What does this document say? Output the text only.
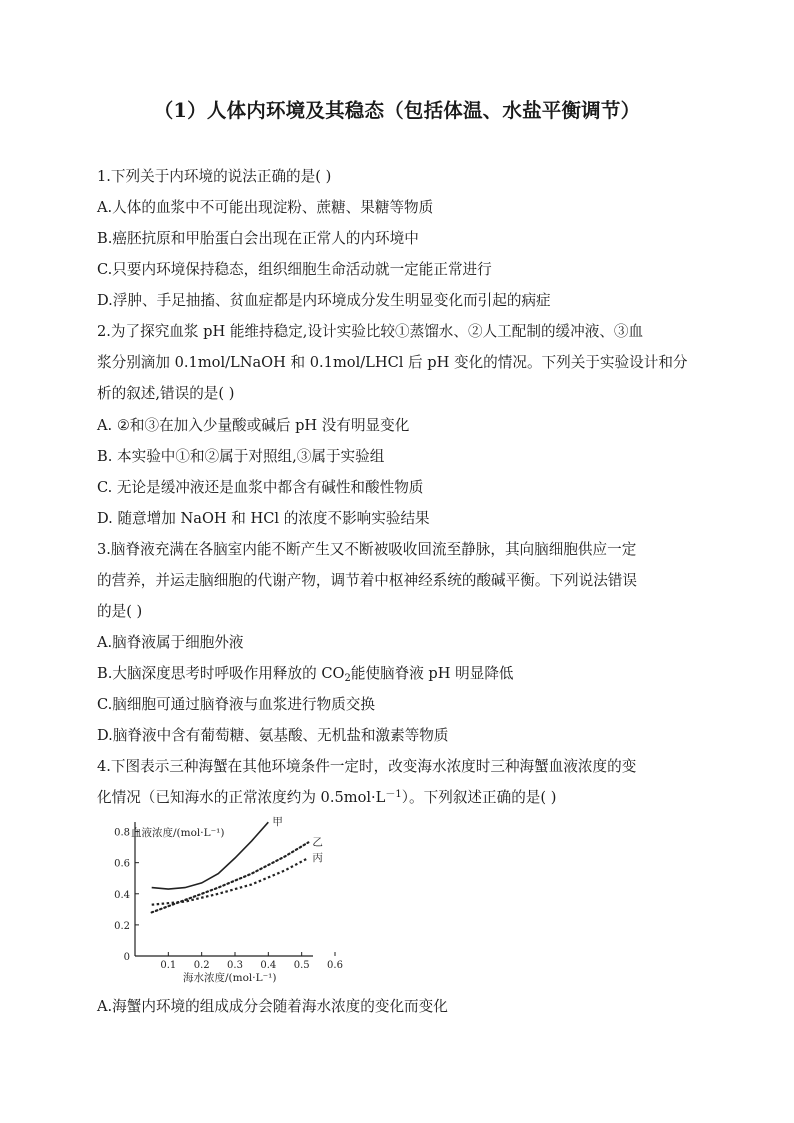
（1）人体内环境及其稳态（包括体温、水盐平衡调节）
1.下列关于内环境的说法正确的是( )
A.人体的血浆中不可能出现淀粉、蔗糖、果糖等物质
B.癌胚抗原和甲胎蛋白会出现在正常人的内环境中
C.只要内环境保持稳态，组织细胞生命活动就一定能正常进行
D.浮肿、手足抽搐、贫血症都是内环境成分发生明显变化而引起的病症
2.为了探究血浆 pH 能维持稳定,设计实验比较①蒸馏水、②人工配制的缓冲液、③血
浆分别滴加 0.1mol/LNaOH 和 0.1mol/LHCl 后 pH 变化的情况。下列关于实验设计和分
析的叙述,错误的是( )
A. ②和③在加入少量酸或碱后 pH 没有明显变化
B. 本实验中①和②属于对照组,③属于实验组
C. 无论是缓冲液还是血浆中都含有碱性和酸性物质
D. 随意增加 NaOH 和 HCl 的浓度不影响实验结果
3.脑脊液充满在各脑室内能不断产生又不断被吸收回流至静脉，其向脑细胞供应一定
的营养，并运走脑细胞的代谢产物，调节着中枢神经系统的酸碱平衡。下列说法错误
的是( )
A.脑脊液属于细胞外液
B.大脑深度思考时呼吸作用释放的 $CO_2$能使脑脊液 pH 明显降低
C.脑细胞可通过脑脊液与血浆进行物质交换
D.脑脊液中含有葡萄糖、氨基酸、无机盐和激素等物质
4.下图表示三种海蟹在其他环境条件一定时，改变海水浓度时三种海蟹血液浓度的变
化情况（已知海水的正常浓度约为 $0.5mol\cdot L^{-1}$）。下列叙述正确的是( )
0
0.2
0.4
0.6
0.8
0.1 0.2 0.3 0.4 0.5 0.6
血液浓度/(mol·L⁻¹)
海水浓度/(mol·L⁻¹)
甲
乙
丙
A.海蟹内环境的组成成分会随着海水浓度的变化而变化
